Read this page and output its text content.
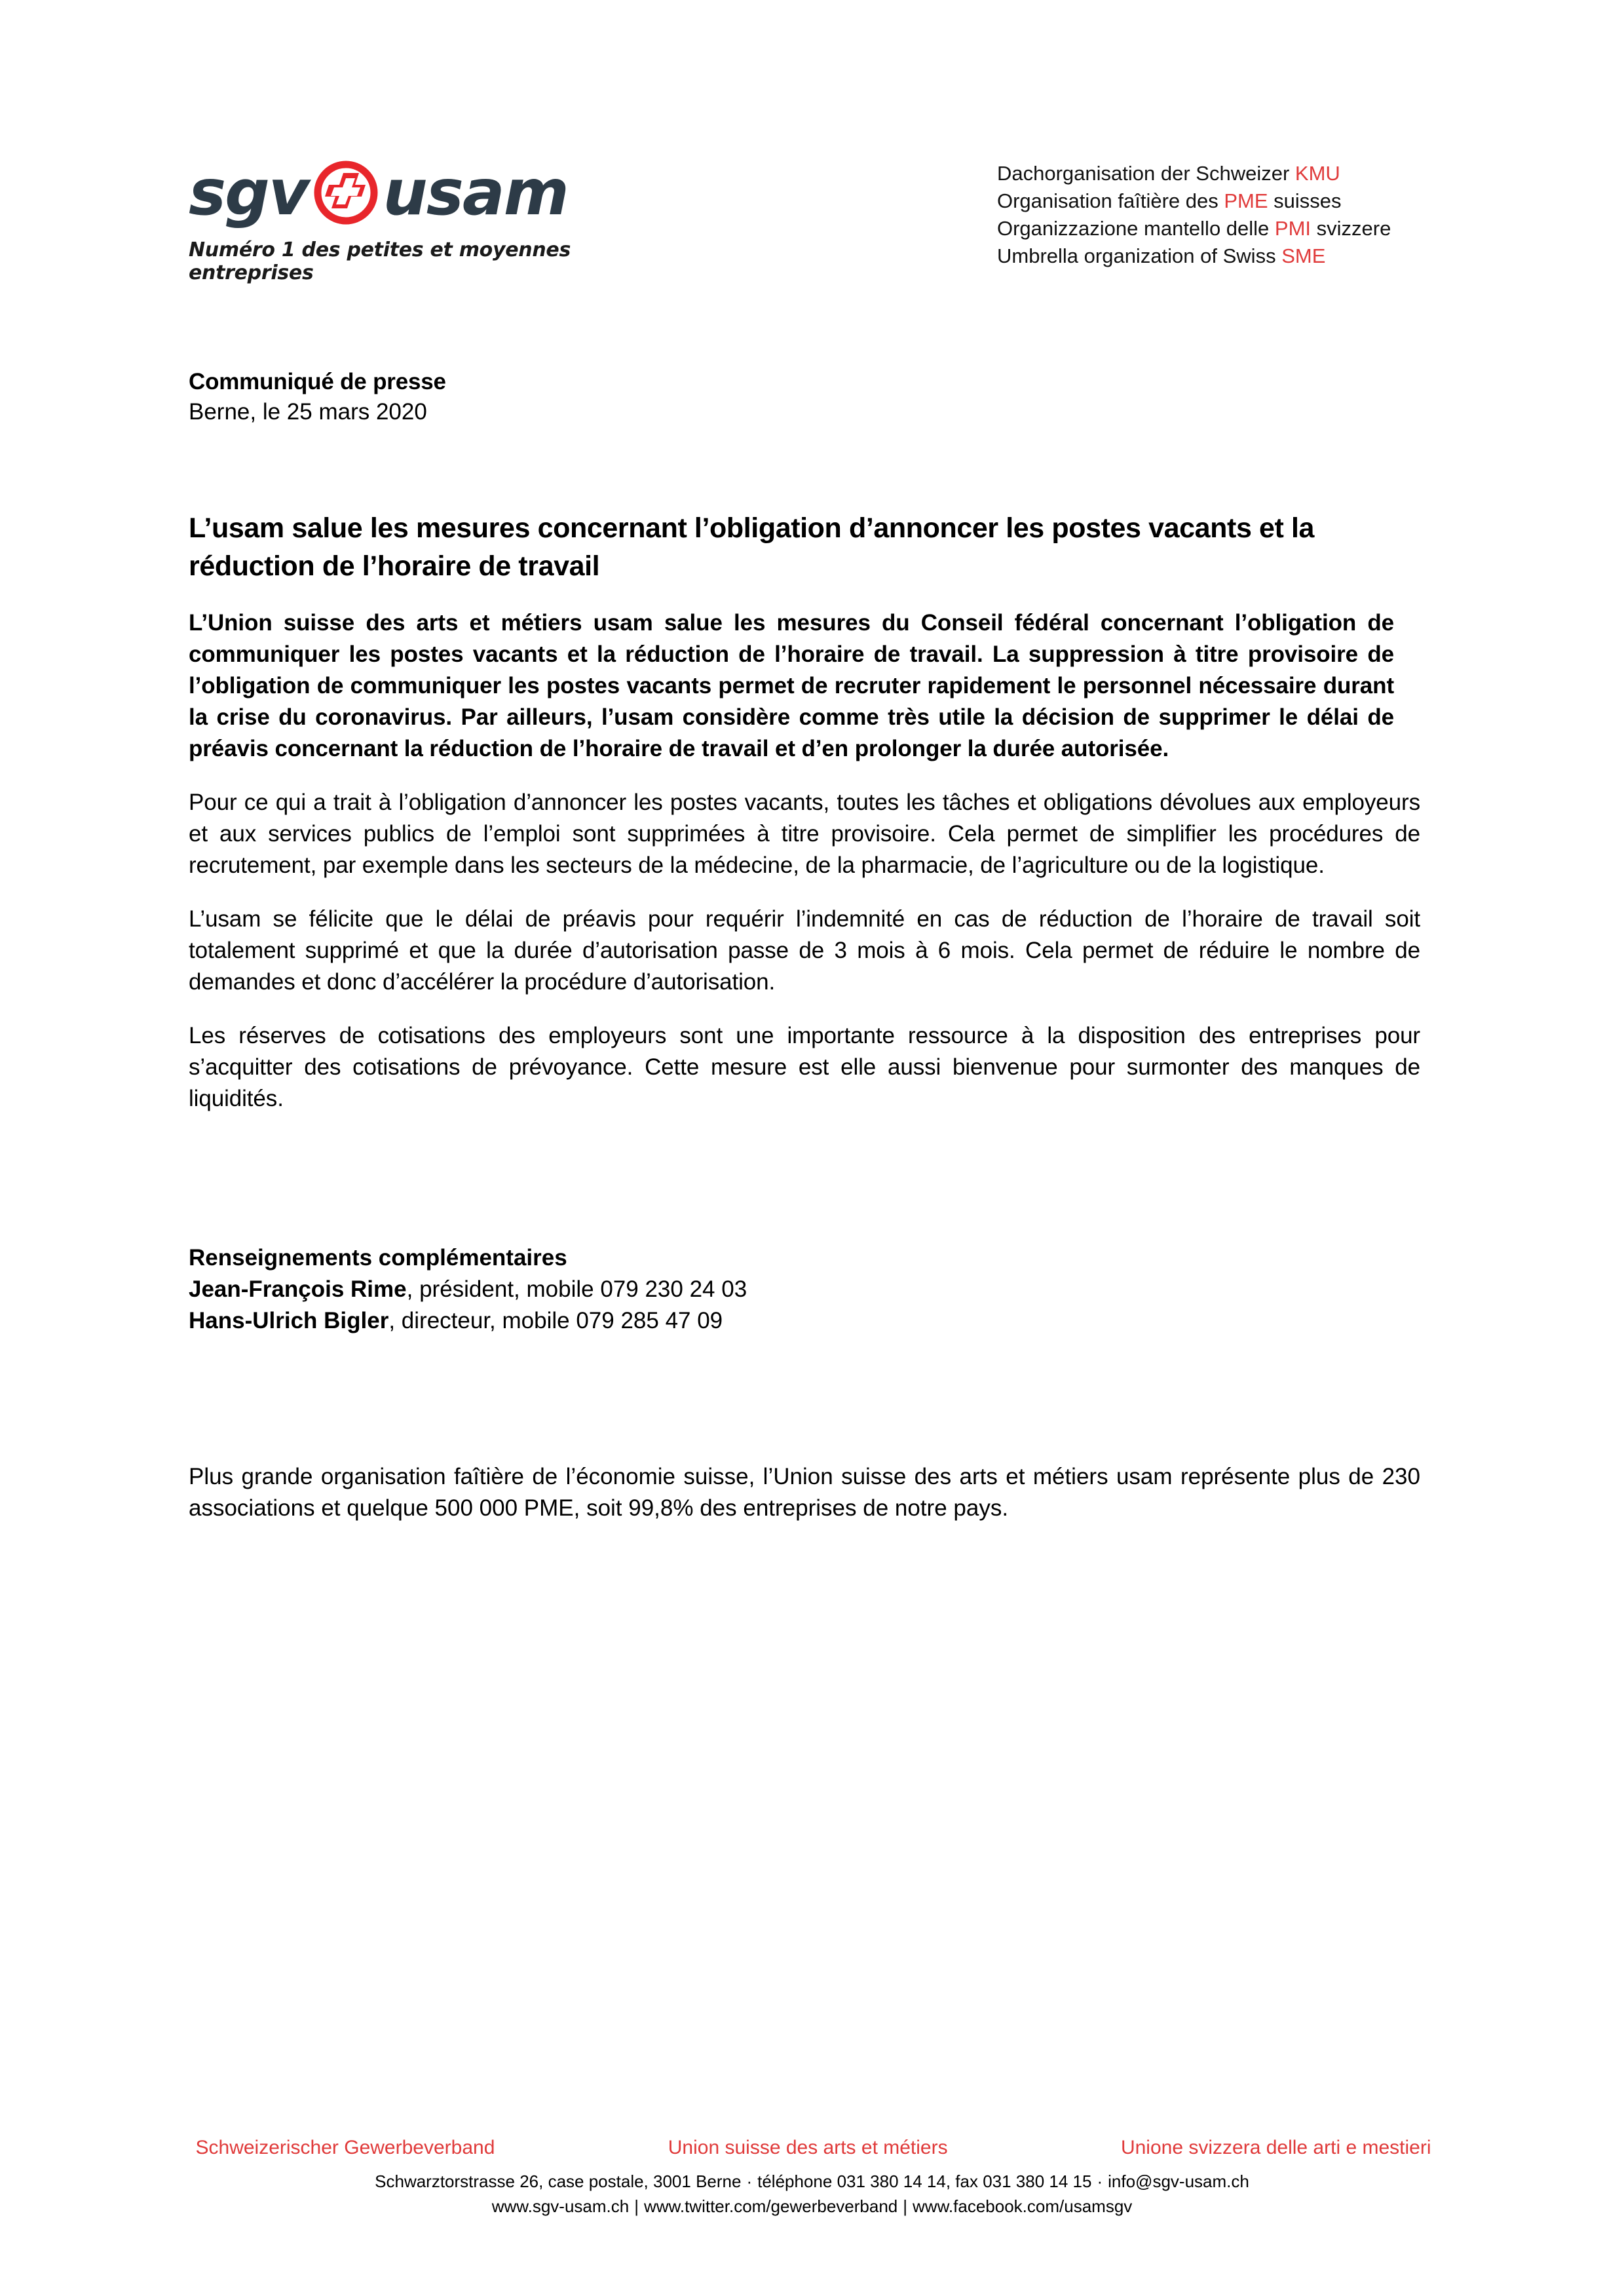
sgv usam
Numéro 1 des petites et moyennes entreprises
Dachorganisation der Schweizer KMU
Organisation faîtière des PME suisses
Organizzazione mantello delle PMI svizzere
Umbrella organization of Swiss SME
Communiqué de presse
Berne, le 25 mars 2020
L’usam salue les mesures concernant l’obligation d’annoncer les postes vacants et la réduction de l’horaire de travail
L’Union suisse des arts et métiers usam salue les mesures du Conseil fédéral concernant l’obligation de communiquer les postes vacants et la réduction de l’horaire de travail. La suppression à titre provisoire de l’obligation de communiquer les postes vacants permet de recruter rapidement le personnel nécessaire durant la crise du coronavirus. Par ailleurs, l’usam considère comme très utile la décision de supprimer le délai de préavis concernant la réduction de l’horaire de travail et d’en prolonger la durée autorisée.

Pour ce qui a trait à l’obligation d’annoncer les postes vacants, toutes les tâches et obligations dévolues aux employeurs et aux services publics de l’emploi sont supprimées à titre provisoire. Cela permet de simplifier les procédures de recrutement, par exemple dans les secteurs de la médecine, de la pharmacie, de l’agriculture ou de la logistique.

L’usam se félicite que le délai de préavis pour requérir l’indemnité en cas de réduction de l’horaire de travail soit totalement supprimé et que la durée d’autorisation passe de 3 mois à 6 mois. Cela permet de réduire le nombre de demandes et donc d’accélérer la procédure d’autorisation.

Les réserves de cotisations des employeurs sont une importante ressource à la disposition des entreprises pour s’acquitter des cotisations de prévoyance. Cette mesure est elle aussi bienvenue pour surmonter des manques de liquidités.

Renseignements complémentaires
Jean-François Rime, président, mobile 079 230 24 03
Hans-Ulrich Bigler, directeur, mobile 079 285 47 09
Plus grande organisation faîtière de l’économie suisse, l’Union suisse des arts et métiers usam représente plus de 230 associations et quelque 500 000 PME, soit 99,8% des entreprises de notre pays.
Schweizerischer Gewerbeverband	Union suisse des arts et métiers	Unione svizzera delle arti e mestieri
Schwarztorstrasse 26, case postale, 3001 Berne · téléphone 031 380 14 14, fax 031 380 14 15 · info@sgv-usam.ch
www.sgv-usam.ch | www.twitter.com/gewerbeverband | www.facebook.com/usamsgv
